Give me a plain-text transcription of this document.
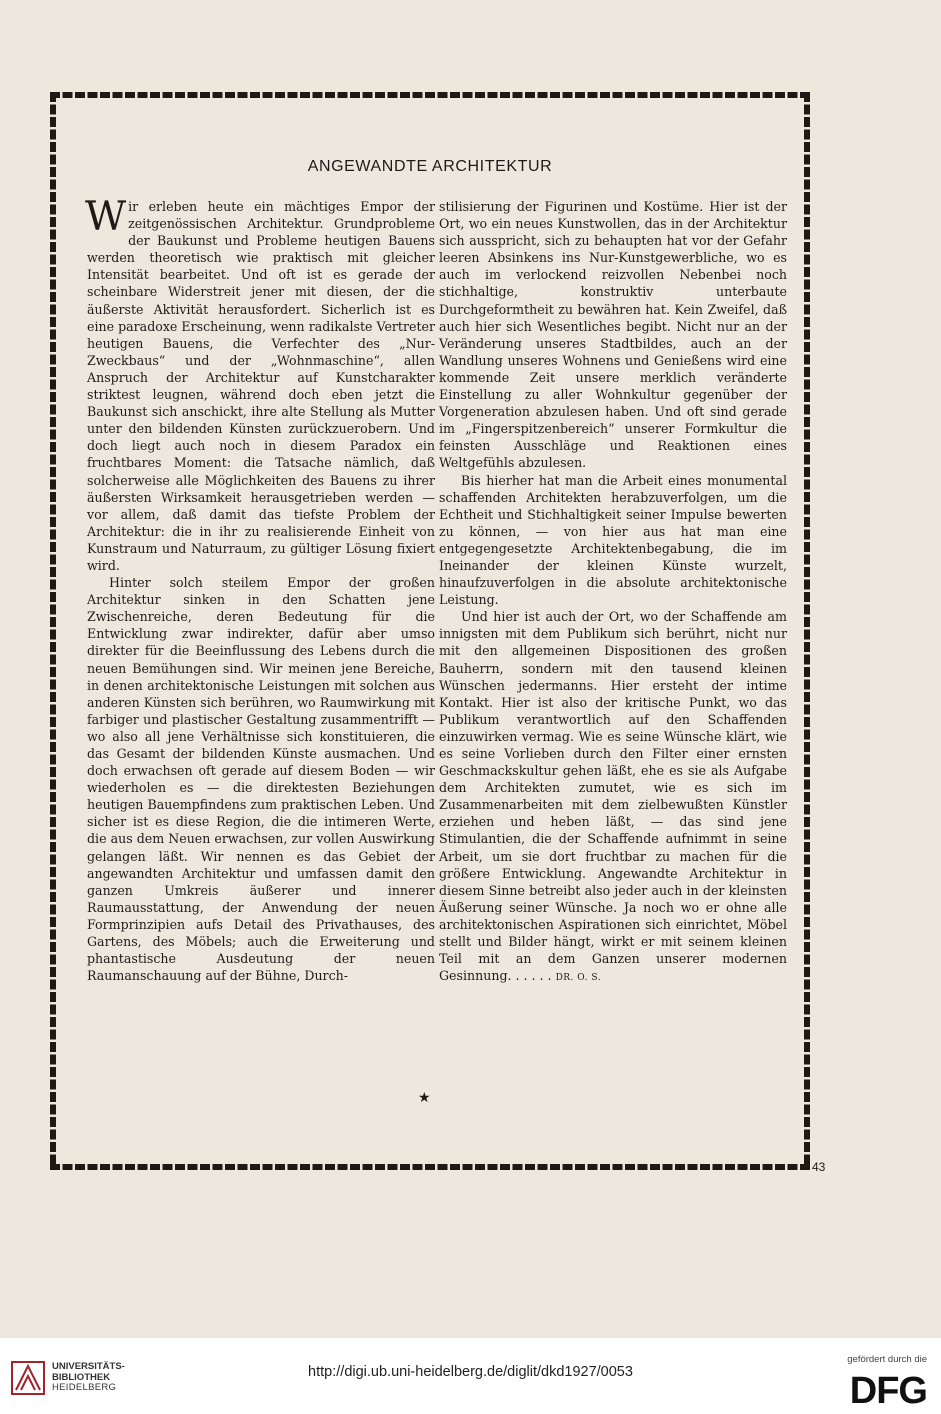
ANGEWANDTE ARCHITEKTUR

Wir erleben heute ein mächtiges Empor der zeitgenössischen Architektur. Grundprobleme der Baukunst und Probleme heutigen Bauens werden theoretisch wie praktisch mit gleicher Intensität bearbeitet. Und oft ist es gerade der scheinbare Widerstreit jener mit diesen, der die äußerste Aktivität herausfordert. Sicherlich ist es eine paradoxe Erscheinung, wenn radikalste Vertreter heutigen Bauens, die Verfechter des „Nur-Zweckbaus“ und der „Wohnmaschine“, allen Anspruch der Architektur auf Kunstcharakter striktest leugnen, während doch eben jetzt die Baukunst sich anschickt, ihre alte Stellung als Mutter unter den bildenden Künsten zurückzuerobern. Und doch liegt auch noch in diesem Paradox ein fruchtbares Moment: die Tatsache nämlich, daß solcherweise alle Möglichkeiten des Bauens zu ihrer äußersten Wirksamkeit herausgetrieben werden — vor allem, daß damit das tiefste Problem der Architektur: die in ihr zu realisierende Einheit von Kunstraum und Naturraum, zu gültiger Lösung fixiert wird.

Hinter solch steilem Empor der großen Architektur sinken in den Schatten jene Zwischenreiche, deren Bedeutung für die Entwicklung zwar indirekter, dafür aber umso direkter für die Beeinflussung des Lebens durch die neuen Bemühungen sind. Wir meinen jene Bereiche, in denen architektonische Leistungen mit solchen aus anderen Künsten sich berühren, wo Raumwirkung mit farbiger und plastischer Gestaltung zusammentrifft — wo also all jene Verhältnisse sich konstituieren, die das Gesamt der bildenden Künste ausmachen. Und doch erwachsen oft gerade auf diesem Boden — wir wiederholen es — die direktesten Beziehungen heutigen Bauempfindens zum praktischen Leben. Und sicher ist es diese Region, die die intimeren Werte, die aus dem Neuen erwachsen, zur vollen Auswirkung gelangen läßt. Wir nennen es das Gebiet der angewandten Architektur und umfassen damit den ganzen Umkreis äußerer und innerer Raumausstattung, der Anwendung der neuen Formprinzipien aufs Detail des Privathauses, des Gartens, des Möbels; auch die Erweiterung und phantastische Ausdeutung der neuen Raumanschauung auf der Bühne, Durch-

stilisierung der Figurinen und Kostüme. Hier ist der Ort, wo ein neues Kunstwollen, das in der Architektur sich ausspricht, sich zu behaupten hat vor der Gefahr leeren Absinkens ins Nur-Kunstgewerbliche, wo es auch im verlockend reizvollen Nebenbei noch stichhaltige, konstruktiv unterbaute Durchgeformtheit zu bewähren hat. Kein Zweifel, daß auch hier sich Wesentliches begibt. Nicht nur an der Veränderung unseres Stadtbildes, auch an der Wandlung unseres Wohnens und Genießens wird eine kommende Zeit unsere merklich veränderte Einstellung zu aller Wohnkultur gegenüber der Vorgeneration abzulesen haben. Und oft sind gerade im „Fingerspitzenbereich“ unserer Formkultur die feinsten Ausschläge und Reaktionen eines Weltgefühls abzulesen.

Bis hierher hat man die Arbeit eines monumental schaffenden Architekten herabzuverfolgen, um die Echtheit und Stichhaltigkeit seiner Impulse bewerten zu können, — von hier aus hat man eine entgegengesetzte Architektenbegabung, die im Ineinander der kleinen Künste wurzelt, hinaufzuverfolgen in die absolute architektonische Leistung.

Und hier ist auch der Ort, wo der Schaffende am innigsten mit dem Publikum sich berührt, nicht nur mit den allgemeinen Dispositionen des großen Bauherrn, sondern mit den tausend kleinen Wünschen jedermanns. Hier ersteht der intime Kontakt. Hier ist also der kritische Punkt, wo das Publikum verantwortlich auf den Schaffenden einzuwirken vermag. Wie es seine Wünsche klärt, wie es seine Vorlieben durch den Filter einer ernsten Geschmackskultur gehen läßt, ehe es sie als Aufgabe dem Architekten zumutet, wie es sich im Zusammenarbeiten mit dem zielbewußten Künstler erziehen und heben läßt, — das sind jene Stimulantien, die der Schaffende aufnimmt in seine Arbeit, um sie dort fruchtbar zu machen für die größere Entwicklung. Angewandte Architektur in diesem Sinne betreibt also jeder auch in der kleinsten Äußerung seiner Wünsche. Ja noch wo er ohne alle architektonischen Aspirationen sich einrichtet, Möbel stellt und Bilder hängt, wirkt er mit seinem kleinen Teil mit an dem Ganzen unserer modernen Gesinnung. . . . . . DR. O. S.

★
43
UNIVERSITÄTS-
BIBLIOTHEK
HEIDELBERG
http://digi.ub.uni-heidelberg.de/diglit/dkd1927/0053
gefördert durch die
DFG
